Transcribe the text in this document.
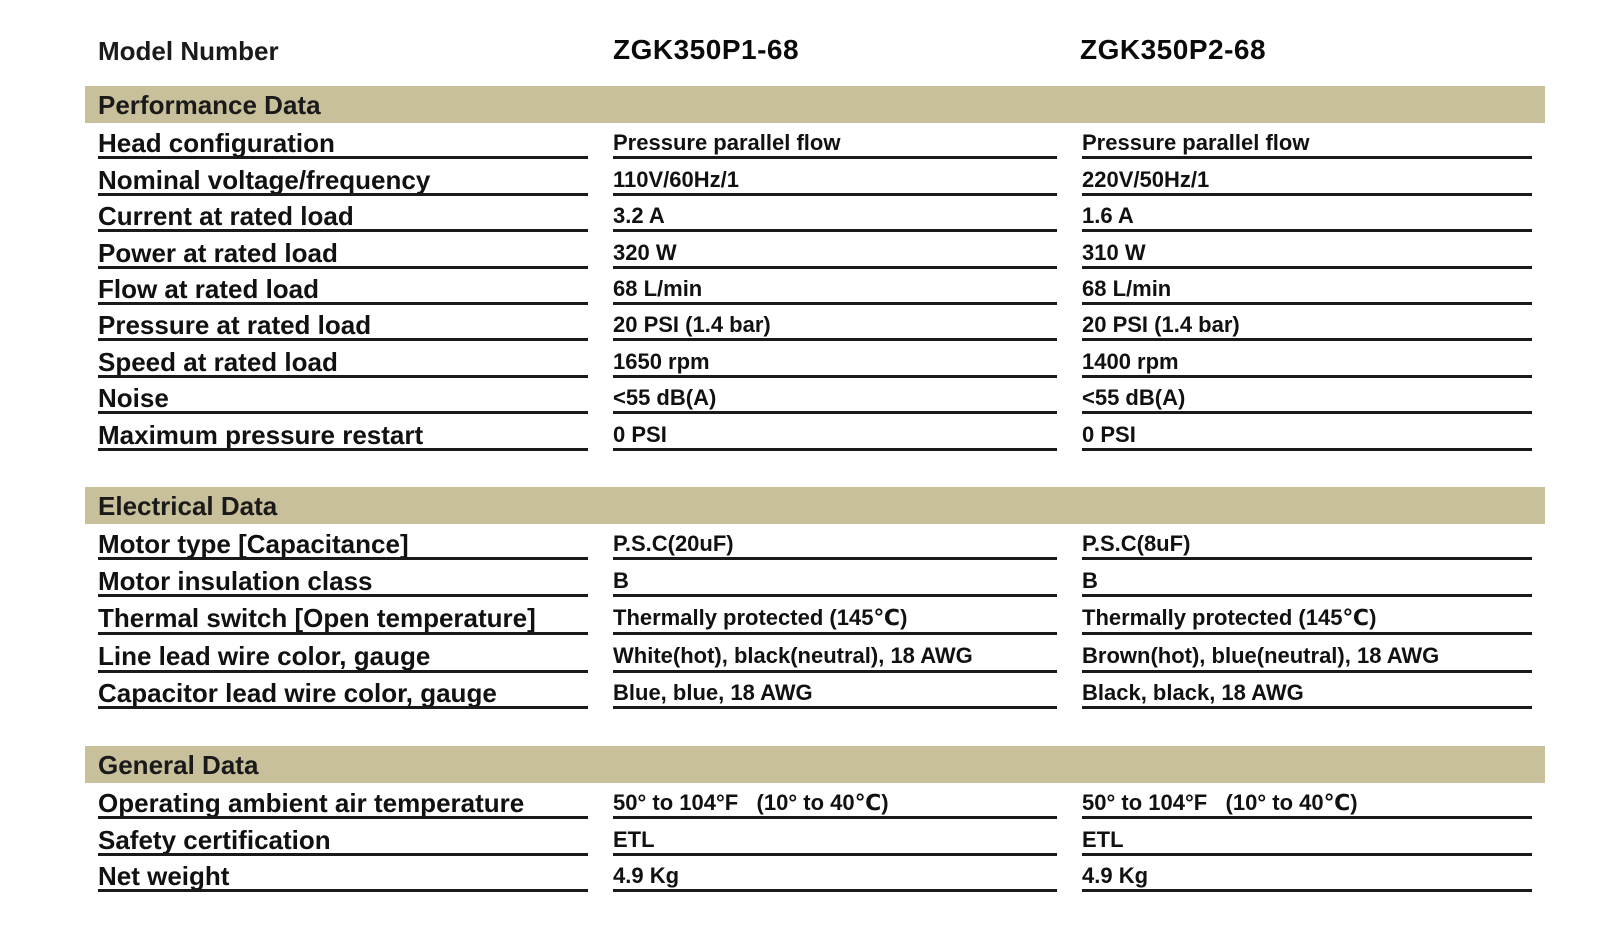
Model Number	ZGK350P1-68	ZGK350P2-68
Performance Data
Head configuration	Pressure parallel flow	Pressure parallel flow
Nominal voltage/frequency	110V/60Hz/1	220V/50Hz/1
Current at rated load	3.2 A	1.6 A
Power at rated load	320 W	310 W
Flow at rated load	68 L/min	68 L/min
Pressure at rated load	20 PSI (1.4 bar)	20 PSI (1.4 bar)
Speed at rated load	1650 rpm	1400 rpm
Noise	<55 dB(A)	<55 dB(A)
Maximum pressure restart	0 PSI	0 PSI
Electrical Data
Motor type [Capacitance]	P.S.C(20uF)	P.S.C(8uF)
Motor insulation class	B	B
Thermal switch [Open temperature]	Thermally protected (145℃)	Thermally protected (145℃)
Line lead wire color, gauge	White(hot), black(neutral), 18 AWG	Brown(hot), blue(neutral), 18 AWG
Capacitor lead wire color, gauge	Blue, blue, 18 AWG	Black, black, 18 AWG
General Data
Operating ambient air temperature	50° to 104°F   (10° to 40℃)	50° to 104°F   (10° to 40℃)
Safety certification	ETL	ETL
Net weight	4.9 Kg	4.9 Kg
